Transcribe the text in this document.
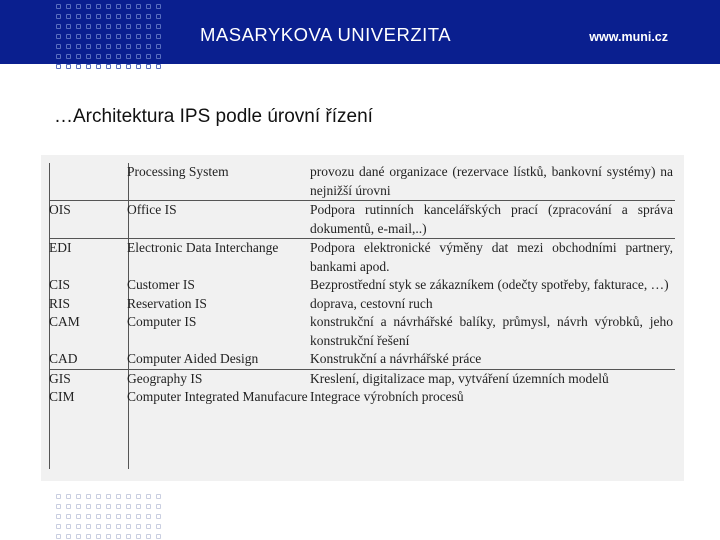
MASARYKOVA UNIVERZITA	www.muni.cz
…Architektura IPS podle úrovní řízení
	Processing System	provozu dané organizace (rezervace lístků, bankovní systémy) na nejnižší úrovni
OIS	Office IS	Podpora rutinních kancelářských prací (zpracování a správa dokumentů, e-mail,..)
EDI	Electronic Data Interchange	Podpora elektronické výměny dat mezi obchodními partnery, bankami apod.
CIS	Customer IS	Bezprostřední styk se zákazníkem (odečty spotřeby, fakturace, …)
RIS	Reservation IS	doprava, cestovní ruch
CAM	Computer IS	konstrukční a návrhářské balíky, průmysl, návrh výrobků, jeho konstrukční řešení
CAD	Computer Aided Design	Konstrukční a návrhářské práce
GIS	Geography IS	Kreslení, digitalizace map, vytváření územních modelů
CIM	Computer Integrated Manufacure	Integrace výrobních procesů
